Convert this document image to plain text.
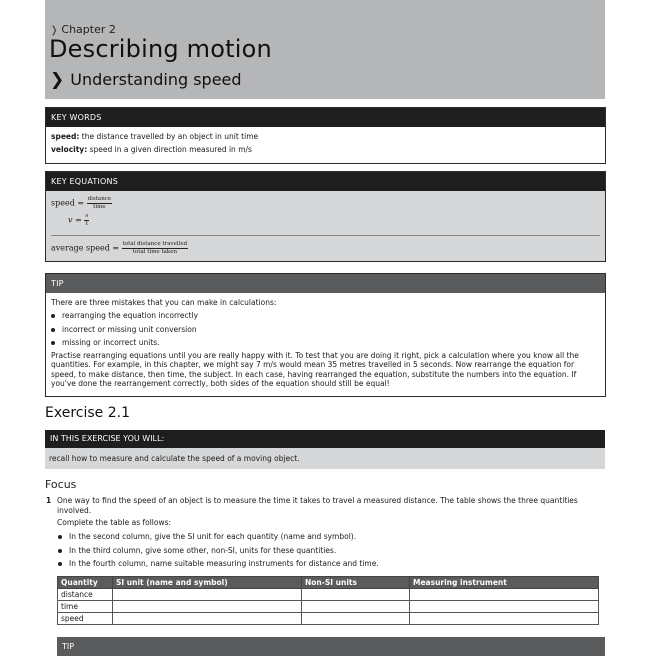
❭ Chapter 2
Describing motion
❯ Understanding speed
KEY WORDS
speed: the distance travelled by an object in unit time
velocity: speed in a given direction measured in m/s
KEY EQUATIONS
speed = $\frac{\text{distance}}{\text{time}}$
$v = \frac{s}{t}$
average speed = $\frac{\text{total distance travelled}}{\text{total time taken}}$
TIP

There are three mistakes that you can make in calculations:

rearranging the equation incorrectly
incorrect or missing unit conversion
missing or incorrect units.

Practise rearranging equations until you are really happy with it. To test that you are doing it right, pick a calculation where you know all the quantities. For example, in this chapter, we might say 7 m/s would mean 35 metres travelled in 5 seconds. Now rearrange the equation for speed, to make distance, then time, the subject. In each case, having rearranged the equation, substitute the numbers into the equation. If you've done the rearrangement correctly, both sides of the equation should still be equal!

Exercise 2.1
IN THIS EXERCISE YOU WILL:
recall how to measure and calculate the speed of a moving object.
Focus
1 One way to find the speed of an object is to measure the time it takes to travel a measured distance. The table shows the three quantities involved.
Complete the table as follows:
In the second column, give the SI unit for each quantity (name and symbol).
In the third column, give some other, non-SI, units for these quantities.
In the fourth column, name suitable measuring instruments for distance and time.
Quantity	SI unit (name and symbol)	Non-SI units	Measuring instrument
distance			
time			
speed			
TIP
